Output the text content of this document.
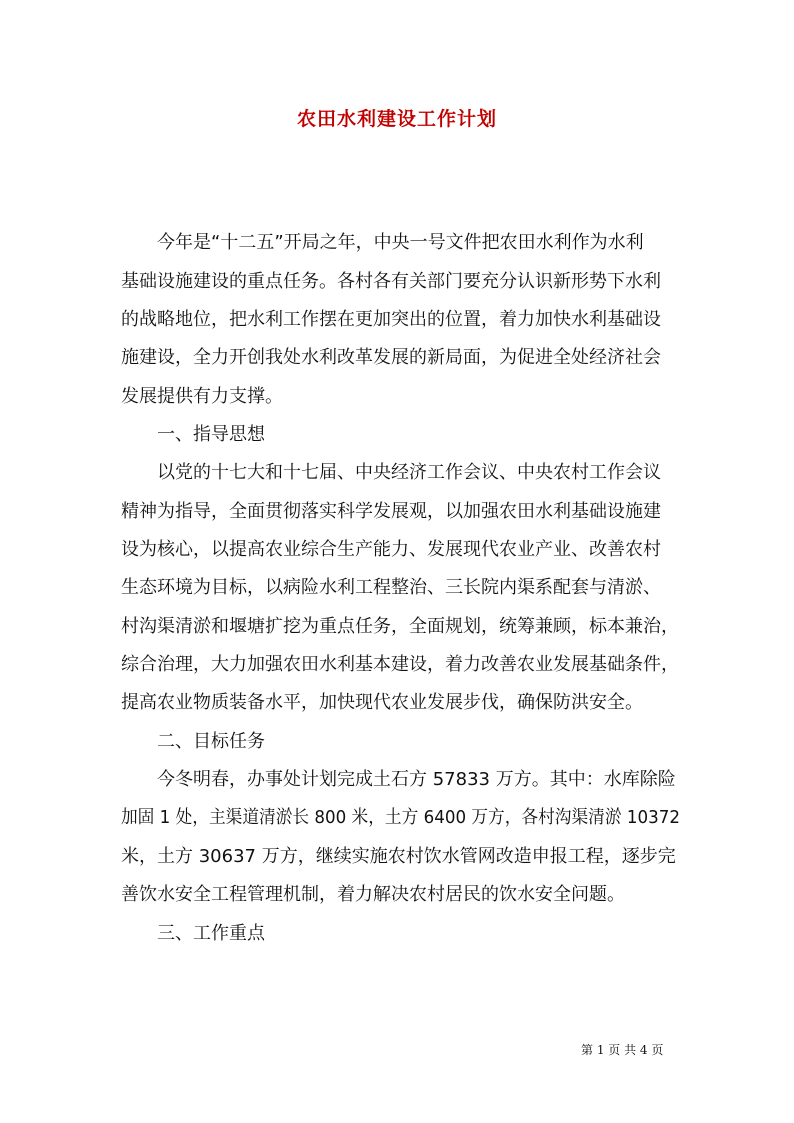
农田水利建设工作计划
今年是“十二五”开局之年，中央一号文件把农田水利作为水利
基础设施建设的重点任务。各村各有关部门要充分认识新形势下水利
的战略地位，把水利工作摆在更加突出的位置，着力加快水利基础设
施建设，全力开创我处水利改革发展的新局面，为促进全处经济社会
发展提供有力支撑。
一、指导思想
以党的十七大和十七届、中央经济工作会议、中央农村工作会议
精神为指导，全面贯彻落实科学发展观，以加强农田水利基础设施建
设为核心，以提高农业综合生产能力、发展现代农业产业、改善农村
生态环境为目标，以病险水利工程整治、三长院内渠系配套与清淤、
村沟渠清淤和堰塘扩挖为重点任务，全面规划，统筹兼顾，标本兼治，
综合治理，大力加强农田水利基本建设，着力改善农业发展基础条件，
提高农业物质装备水平，加快现代农业发展步伐，确保防洪安全。
二、目标任务
今冬明春，办事处计划完成土石方 57833 万方。其中：水库除险
加固 1 处，主渠道清淤长 800 米，土方 6400 万方，各村沟渠清淤 10372
米，土方 30637 万方，继续实施农村饮水管网改造申报工程，逐步完
善饮水安全工程管理机制，着力解决农村居民的饮水安全问题。
三、工作重点
第 1 页 共 4 页
